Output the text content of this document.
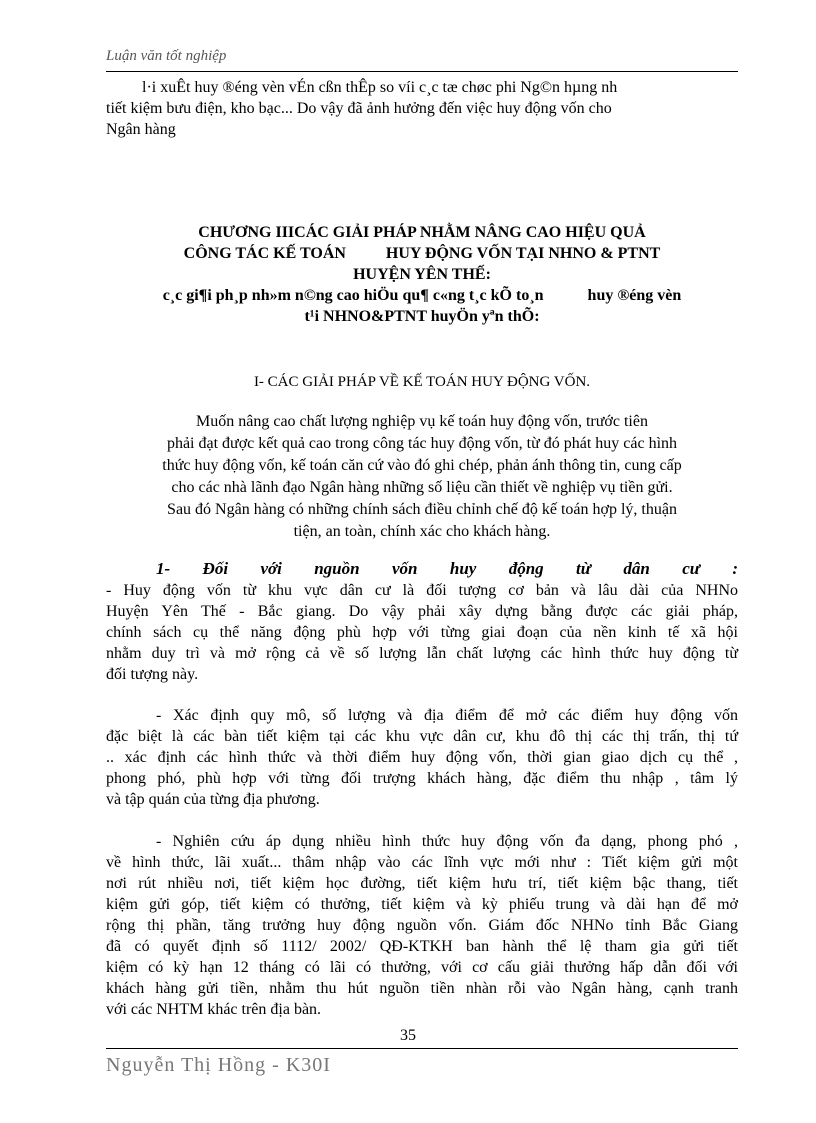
Luận văn tốt nghiệp
l·i xuÊt huy ®éng vèn vÉn cßn thÊp so víi c¸c tæ chøc phi Ng©n hµng nh
tiết kiệm bưu điện, kho bạc... Do vậy đã ảnh hưởng đến việc huy động vốn cho
Ngân hàng
CHƯƠNG IIICÁC GIẢI PHÁP NHẰM NÂNG CAO HIỆU QUẢ
CÔNG TÁC KẾ TOÁN          HUY ĐỘNG VỐN TẠI NHNO & PTNT
HUYỆN YÊN THẾ:
c¸c gi¶i ph¸p nh»m n©ng cao hiÖu qu¶ c«ng t¸c kÕ to¸n           huy ®éng vèn
t¹i NHNO&PTNT huyÖn yªn thÕ:
I- CÁC GIẢI PHÁP VỀ KẾ TOÁN HUY ĐỘNG VỐN.
Muốn nâng cao chất lượng nghiệp vụ kế toán huy động vốn, trước tiên
phải đạt được kết quả cao trong công tác huy động vốn, từ đó phát huy các hình
thức huy động vốn, kế toán căn cứ vào đó ghi chép, phản ánh thông tin, cung cấp
cho các nhà lãnh đạo Ngân hàng những số liệu cần thiết về nghiệp vụ tiền gửi.
Sau đó Ngân hàng có những chính sách điều chỉnh chế độ kế toán hợp lý, thuận
tiện, an toàn, chính xác cho khách hàng.
1- Đối với nguồn vốn huy động từ dân cư :
- Huy động vốn từ khu vực dân cư là đối tượng cơ bản và lâu dài của NHNo
Huyện Yên Thế - Bắc giang. Do vậy phải xây dựng bằng được các giải pháp,
chính sách cụ thể năng động phù hợp với từng giai đoạn của nền kinh tế xã hội
nhằm duy trì và mở rộng cả về số lượng lẫn chất lượng các hình thức huy động từ
đối tượng này.
- Xác định quy mô, số lượng và địa điểm để mở các điểm huy động vốn
đặc biệt là các bàn tiết kiệm tại các khu vực dân cư, khu đô thị các thị trấn, thị tứ
.. xác định các hình thức và thời điểm huy động vốn, thời gian giao dịch cụ thể ,
phong phó, phù hợp với từng đối trượng khách hàng, đặc điểm thu nhập , tâm lý
và tập quán của từng địa phương.
- Nghiên cứu áp dụng nhiều hình thức huy động vốn đa dạng, phong phó ,
về hình thức, lãi xuất... thâm nhập vào các lĩnh vực mới như : Tiết kiệm gửi một
nơi rút nhiều nơi, tiết kiệm học đường, tiết kiệm hưu trí, tiết kiệm bậc thang, tiết
kiệm gửi góp, tiết kiệm có thưởng, tiết kiệm và kỳ phiếu trung và dài hạn để mở
rộng thị phần, tăng trưởng huy động nguồn vốn. Giám đốc NHNo tỉnh Bắc Giang
đã có quyết định số 1112/ 2002/ QĐ-KTKH ban hành thể lệ tham gia gửi tiết
kiệm có kỳ hạn 12 tháng có lãi có thưởng, với cơ cấu giải thưởng hấp dẫn đối với
khách hàng gửi tiền, nhằm thu hút nguồn tiền nhàn rỗi vào Ngân hàng, cạnh tranh
với các NHTM khác trên địa bàn.
35
Nguyễn Thị Hồng - K30I
